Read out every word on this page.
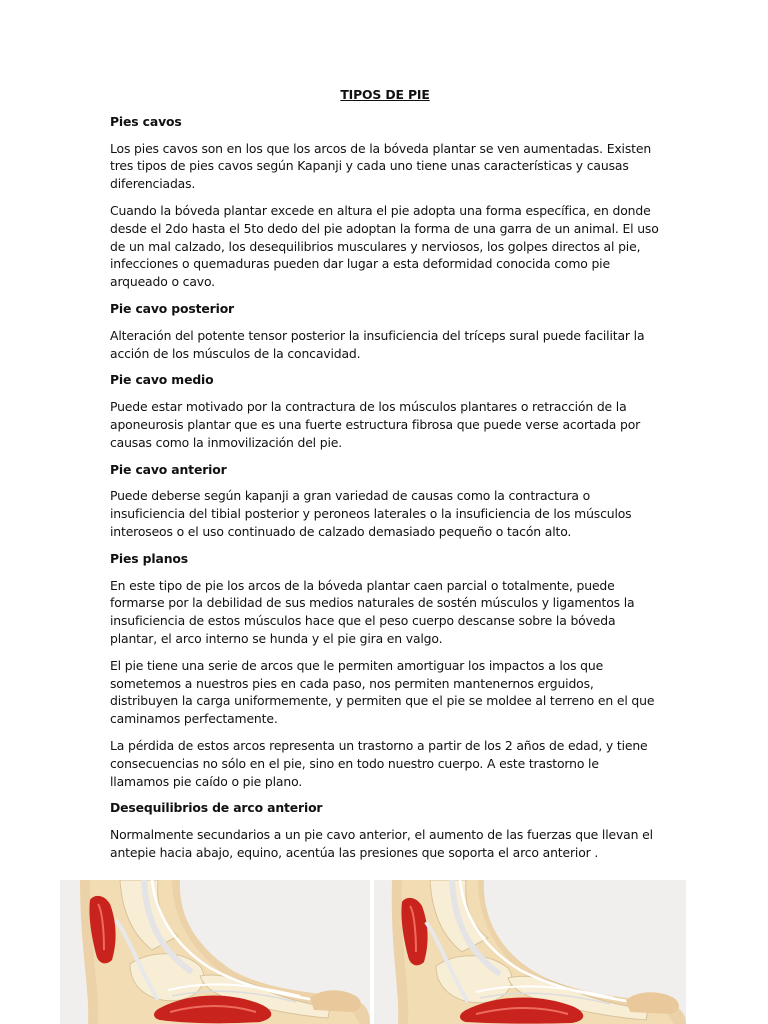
TIPOS DE PIE
Pies cavos

Los pies cavos son en los que los arcos de la bóveda plantar se ven aumentadas. Existen tres tipos de pies cavos según Kapanji y cada uno tiene unas características y causas diferenciadas.

Cuando la bóveda plantar excede en altura el pie adopta una forma específica, en donde desde el 2do hasta el 5to dedo del pie adoptan la forma de una garra de un animal. El uso de un mal calzado, los desequilibrios musculares y nerviosos, los golpes directos al pie, infecciones o quemaduras pueden dar lugar a esta deformidad conocida como pie arqueado o cavo.

Pie cavo posterior

Alteración del potente tensor posterior la insuficiencia del tríceps sural puede facilitar la acción de los músculos de la concavidad.

Pie cavo medio

Puede estar motivado por la contractura de los músculos plantares o retracción de la aponeurosis plantar que es una fuerte estructura fibrosa que puede verse acortada por causas como la inmovilización del pie.

Pie cavo anterior

Puede deberse según kapanji a gran variedad de causas como la contractura o insuficiencia del tibial posterior y peroneos laterales o la insuficiencia de los músculos interoseos o el uso continuado de calzado demasiado pequeño o tacón alto.

Pies planos

En este tipo de pie los arcos de la bóveda plantar caen parcial o totalmente, puede formarse por la debilidad de sus medios naturales de sostén músculos y ligamentos la insuficiencia de estos músculos hace que el peso cuerpo descanse sobre la bóveda plantar, el arco interno se hunda y el pie gira en valgo.

El pie tiene una serie de arcos que le permiten amortiguar los impactos a los que sometemos a nuestros pies en cada paso, nos permiten mantenernos erguidos, distribuyen la carga uniformemente, y permiten que el pie se moldee al terreno en el que caminamos perfectamente.

La pérdida de estos arcos representa un trastorno a partir de los 2 años de edad, y tiene consecuencias no sólo en el pie, sino en todo nuestro cuerpo. A este trastorno le llamamos pie caído o pie plano.

Desequilibrios de arco anterior

Normalmente secundarios a un pie cavo anterior, el aumento de las fuerzas que llevan el antepie hacia abajo, equino, acentúa las presiones que soporta el arco anterior .
